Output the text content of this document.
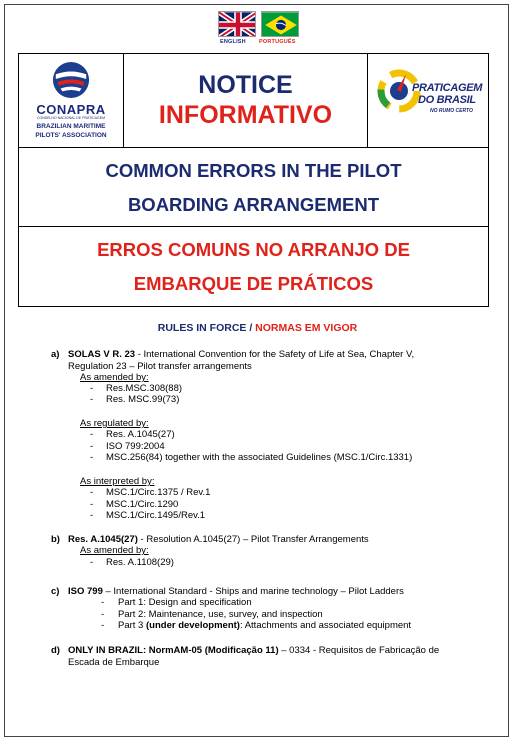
ENGLISH PORTUGUÊS
CONAPRA
CONSELHO NACIONAL DE PRATICAGEM
BRAZILIAN MARITIME
PILOTS' ASSOCIATION
NOTICE
INFORMATIVO
PRATICAGEM
DO BRASIL
NO RUMO CERTO
COMMON ERRORS IN THE PILOT
BOARDING ARRANGEMENT
ERROS COMUNS NO ARRANJO DE
EMBARQUE DE PRÁTICOS
RULES IN FORCE / NORMAS EM VIGOR
a) SOLAS V R. 23 - International Convention for the Safety of Life at Sea, Chapter V,
Regulation 23 – Pilot transfer arrangements
As amended by:
- Res.MSC.308(88)
- Res. MSC.99(73)
As regulated by:
- Res. A.1045(27)
- ISO 799:2004
- MSC.256(84) together with the associated Guidelines (MSC.1/Circ.1331)
As interpreted by:
- MSC.1/Circ.1375 / Rev.1
- MSC.1/Circ.1290
- MSC.1/Circ.1495/Rev.1
b) Res. A.1045(27) - Resolution A.1045(27) – Pilot Transfer Arrangements
As amended by:
- Res. A.1108(29)
c) ISO 799 – International Standard - Ships and marine technology – Pilot Ladders
- Part 1: Design and specification
- Part 2: Maintenance, use, survey, and inspection
- Part 3 (under development): Attachments and associated equipment
d) ONLY IN BRAZIL: NormAM-05 (Modificação 11) – 0334 - Requisitos de Fabricação de
Escada de Embarque
